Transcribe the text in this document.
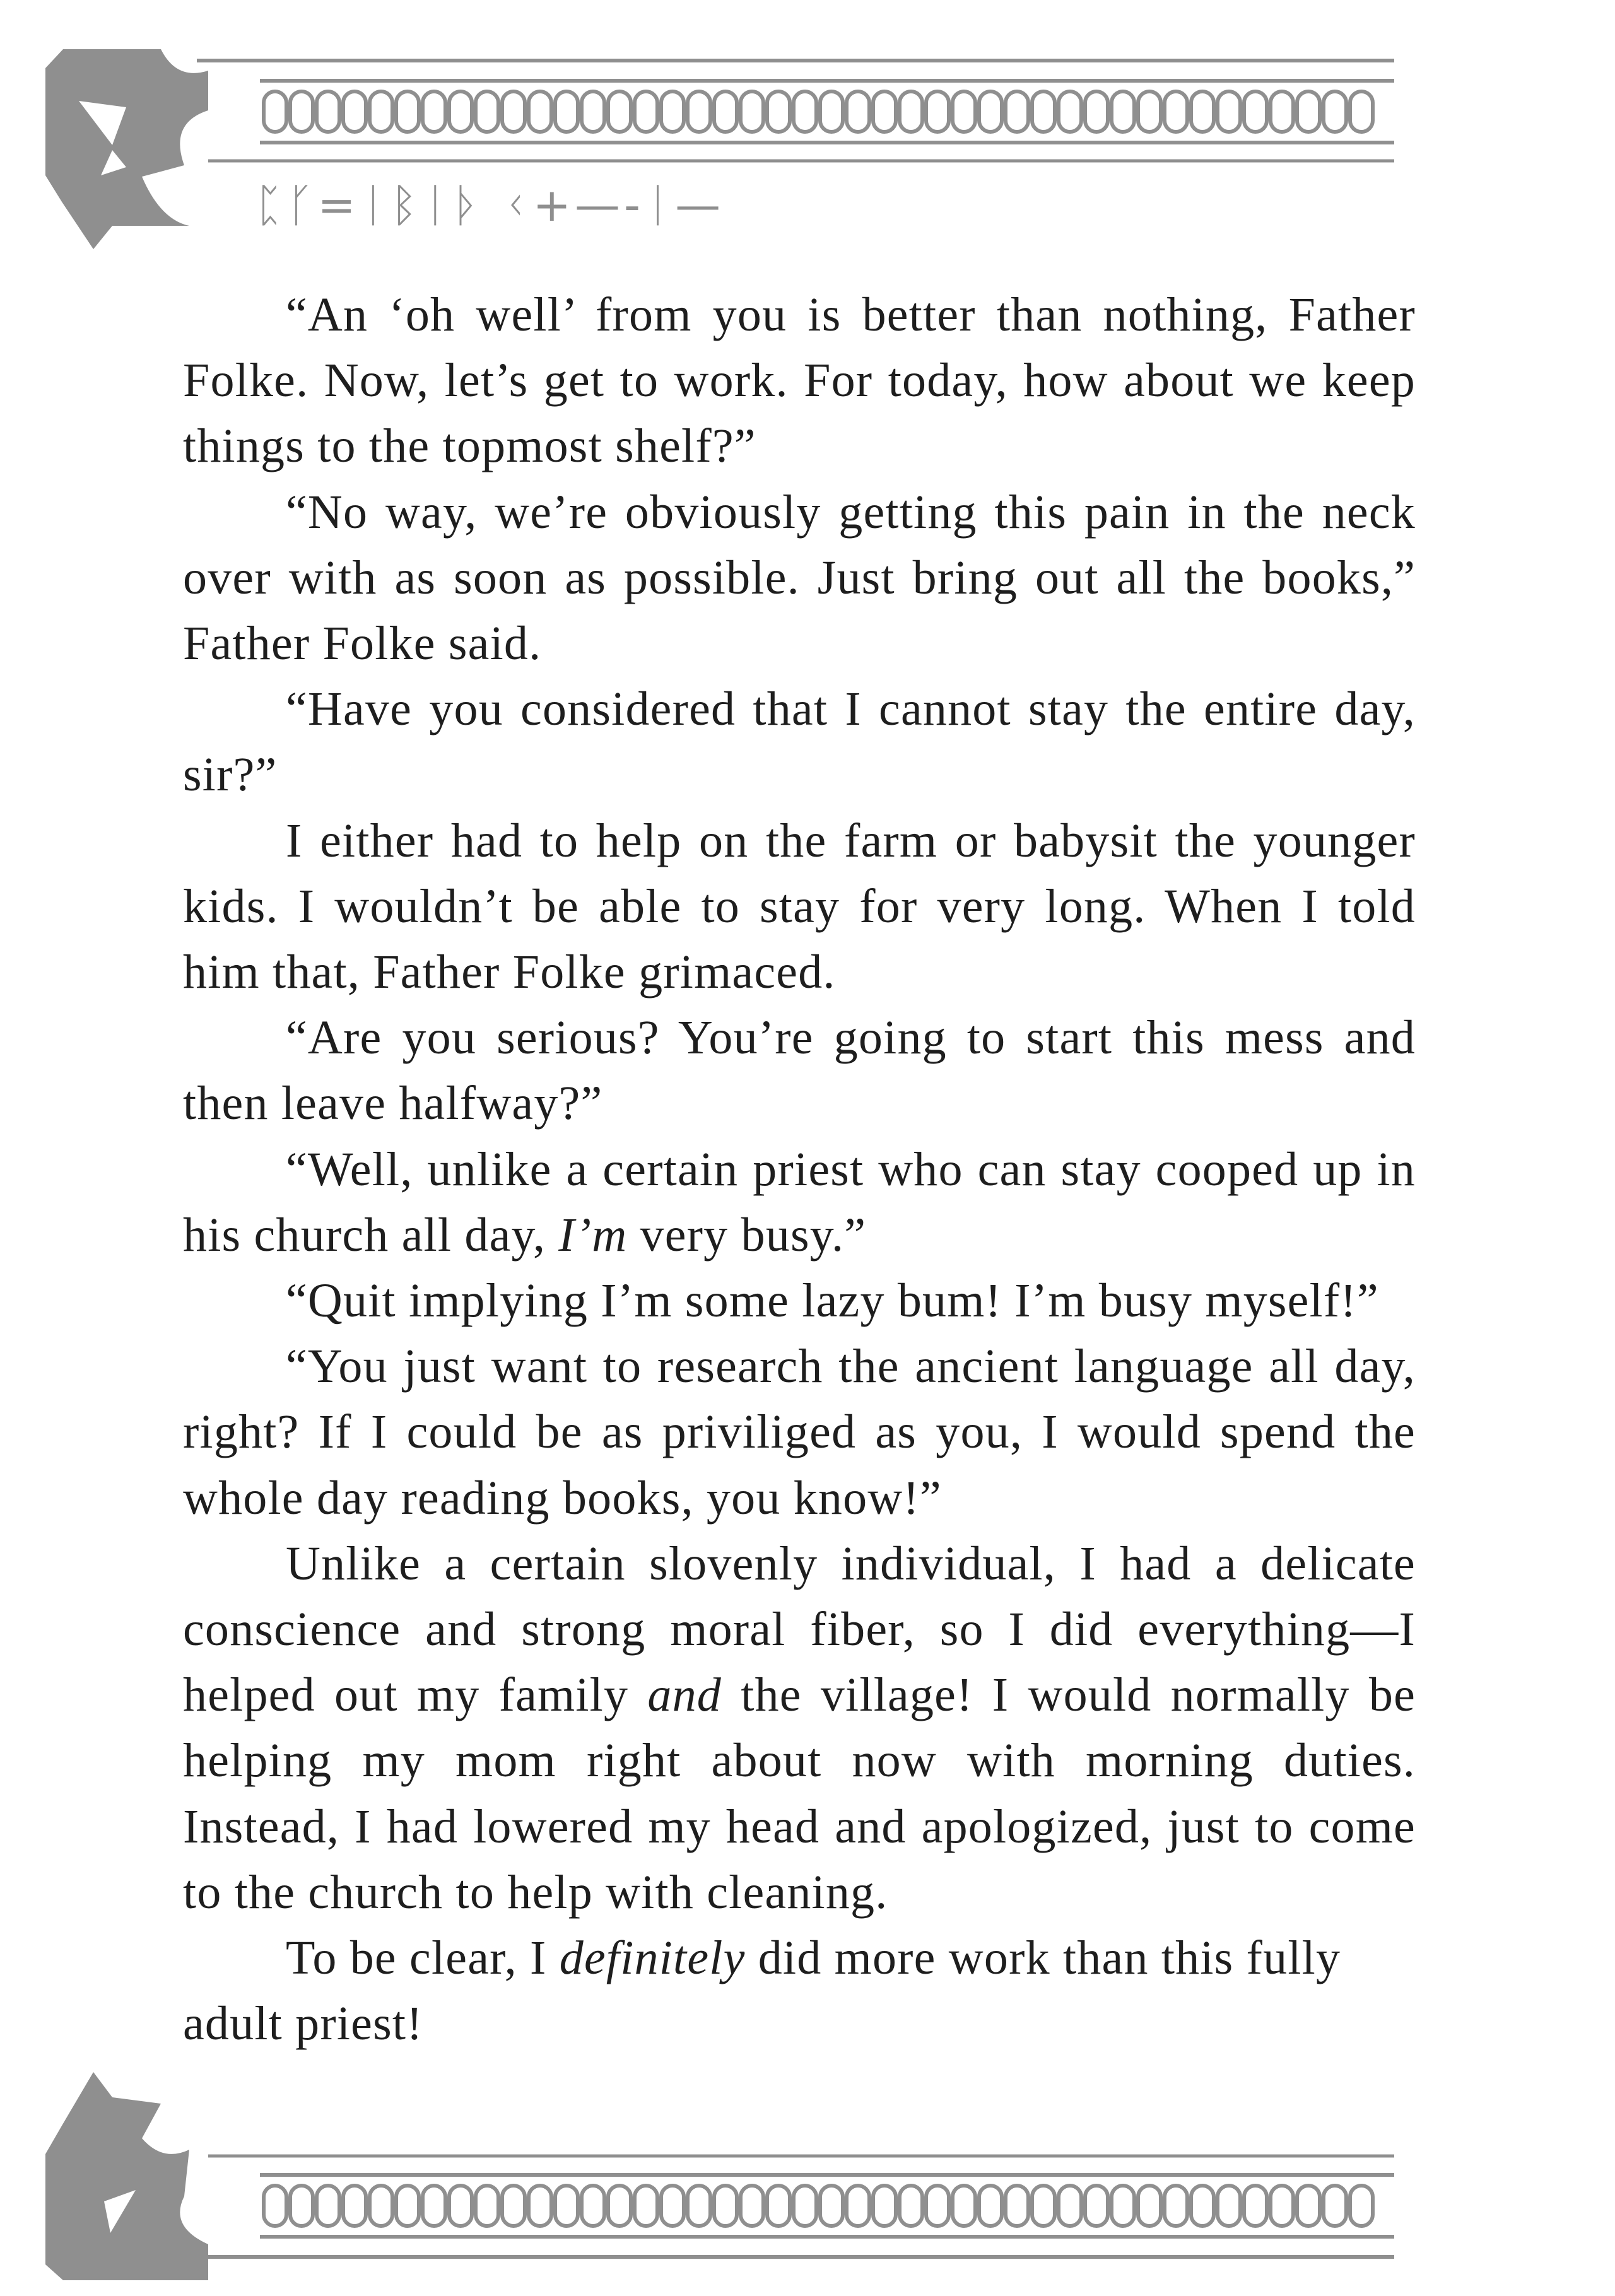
ᛈᚴ=ᛁᛒᛁᚦ ᚲ+—-ᛁ—

“An ‘oh well’ from you is better than nothing, Father Folke. Now, let’s get to work. For today, how about we keep things to the topmost shelf?”

“No way, we’re obviously getting this pain in the neck over with as soon as possible. Just bring out all the books,” Father Folke said.

“Have you considered that I cannot stay the entire day, sir?”

I either had to help on the farm or babysit the younger kids. I wouldn’t be able to stay for very long. When I told him that, Father Folke grimaced.

“Are you serious? You’re going to start this mess and then leave halfway?”

“Well, unlike a certain priest who can stay cooped up in his church all day, I’m very busy.”

“Quit implying I’m some lazy bum! I’m busy myself!”

“You just want to research the ancient language all day, right? If I could be as priviliged as you, I would spend the whole day reading books, you know!”

Unlike a certain slovenly individual, I had a delicate conscience and strong moral fiber, so I did everything—I helped out my family and the village! I would normally be helping my mom right about now with morning duties. Instead, I had lowered my head and apologized, just to come to the church to help with cleaning.

To be clear, I definitely did more work than this fully adult priest!
